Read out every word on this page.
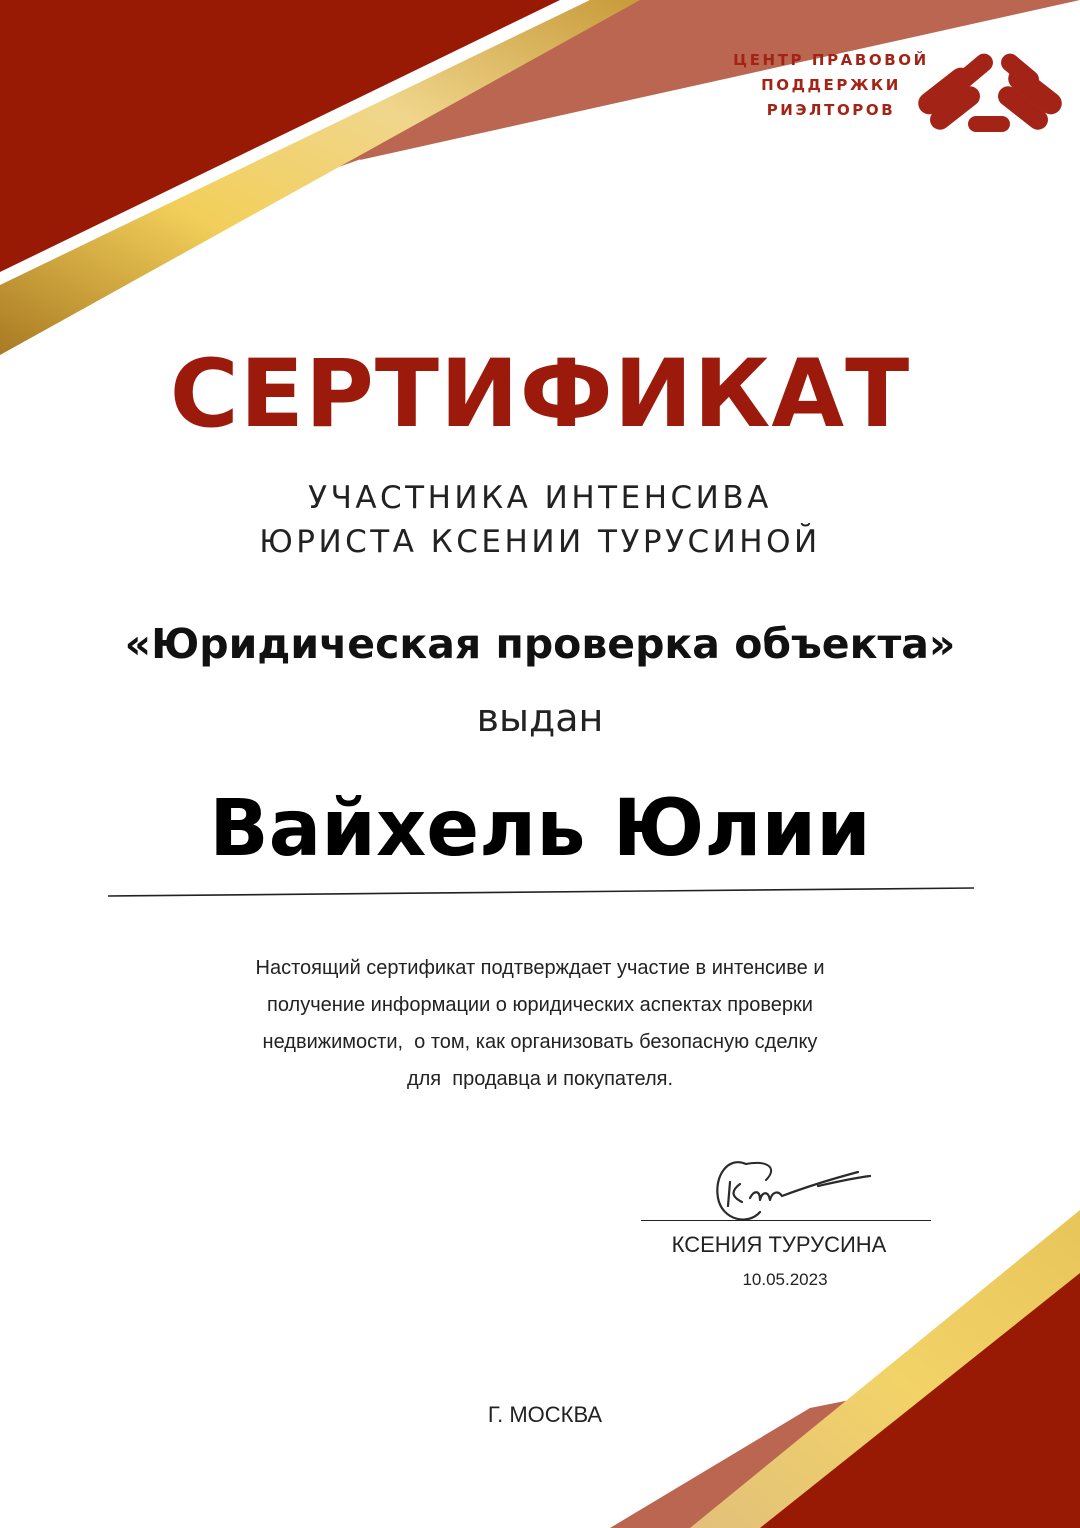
ЦЕНТР ПРАВОВОЙ
ПОДДЕРЖКИ
РИЭЛТОРОВ
СЕРТИФИКАТ
УЧАСТНИКА ИНТЕНСИВА
ЮРИСТА КСЕНИИ ТУРУСИНОЙ
«Юридическая проверка объекта»
выдан
Вайхель Юлии
Настоящий сертификат подтверждает участие в интенсиве и
получение информации о юридических аспектах проверки
недвижимости,  о том, как организовать безопасную сделку
для  продавца и покупателя.
КСЕНИЯ ТУРУСИНА
10.05.2023
Г. МОСКВА
